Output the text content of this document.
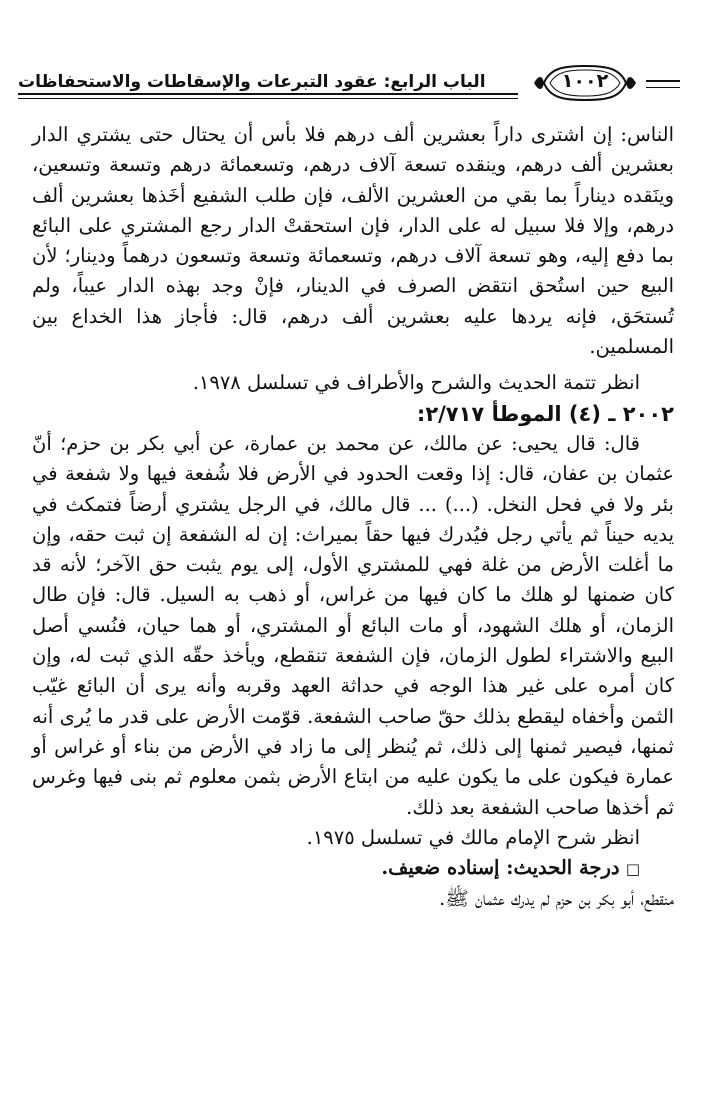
الباب الرابع: عقود التبرعات والإسقاطات والاستحفاظات	١٠٠٢

الناس: إن اشترى داراً بعشرين ألف درهم فلا بأس أن يحتال حتى يشتري الدار بعشرين ألف درهم، وينقده تسعة آلاف درهم، وتسعمائة درهم وتسعة وتسعين، وينَقده ديناراً بما بقي من العشرين الألف، فإن طلب الشفيع أخَذها بعشرين ألف درهم، وإلا فلا سبيل له على الدار، فإن استحقتْ الدار رجع المشتري على البائع بما دفع إليه، وهو تسعة آلاف درهم، وتسعمائة وتسعة وتسعون درهماً ودينار؛ لأن البيع حين استُحق انتقض الصرف في الدينار، فإنْ وجد بهذه الدار عيباً، ولم تُستحَق، فإنه يردها عليه بعشرين ألف درهم، قال: فأجاز هذا الخداع بين المسلمين.

انظر تتمة الحديث والشرح والأطراف في تسلسل ١٩٧٨.

٢٠٠٢ ـ (٤) الموطأ ٢/٧١٧:

قال: قال يحيى: عن مالك، عن محمد بن عمارة، عن أبي بكر بن حزم؛ أنّ عثمان بن عفان، قال: إذا وقعت الحدود في الأرض فلا شُفعة فيها ولا شفعة في بئر ولا في فحل النخل. (...) ... قال مالك، في الرجل يشتري أرضاً فتمكث في يديه حيناً ثم يأتي رجل فيُدرك فيها حقاً بميراث: إن له الشفعة إن ثبت حقه، وإن ما أغلت الأرض من غلة فهي للمشتري الأول، إلى يوم يثبت حق الآخر؛ لأنه قد كان ضمنها لو هلك ما كان فيها من غراس، أو ذهب به السيل. قال: فإن طال الزمان، أو هلك الشهود، أو مات البائع أو المشتري، أو هما حيان، فنُسي أصل البيع والاشتراء لطول الزمان، فإن الشفعة تنقطع، ويأخذ حقّه الذي ثبت له، وإن كان أمره على غير هذا الوجه في حداثة العهد وقربه وأنه يرى أن البائع غيّب الثمن وأخفاه ليقطع بذلك حقّ صاحب الشفعة. قوّمت الأرض على قدر ما يُرى أنه ثمنها، فيصير ثمنها إلى ذلك، ثم يُنظر إلى ما زاد في الأرض من بناء أو غراس أو عمارة فيكون على ما يكون عليه من ابتاع الأرض بثمن معلوم ثم بنى فيها وغرس ثم أخذها صاحب الشفعة بعد ذلك.

انظر شرح الإمام مالك في تسلسل ١٩٧٥.

□ درجة الحديث: إسناده ضعيف.

منقطع، أبو بكر بن حزم لم يدرك عثمان ﷺ.
